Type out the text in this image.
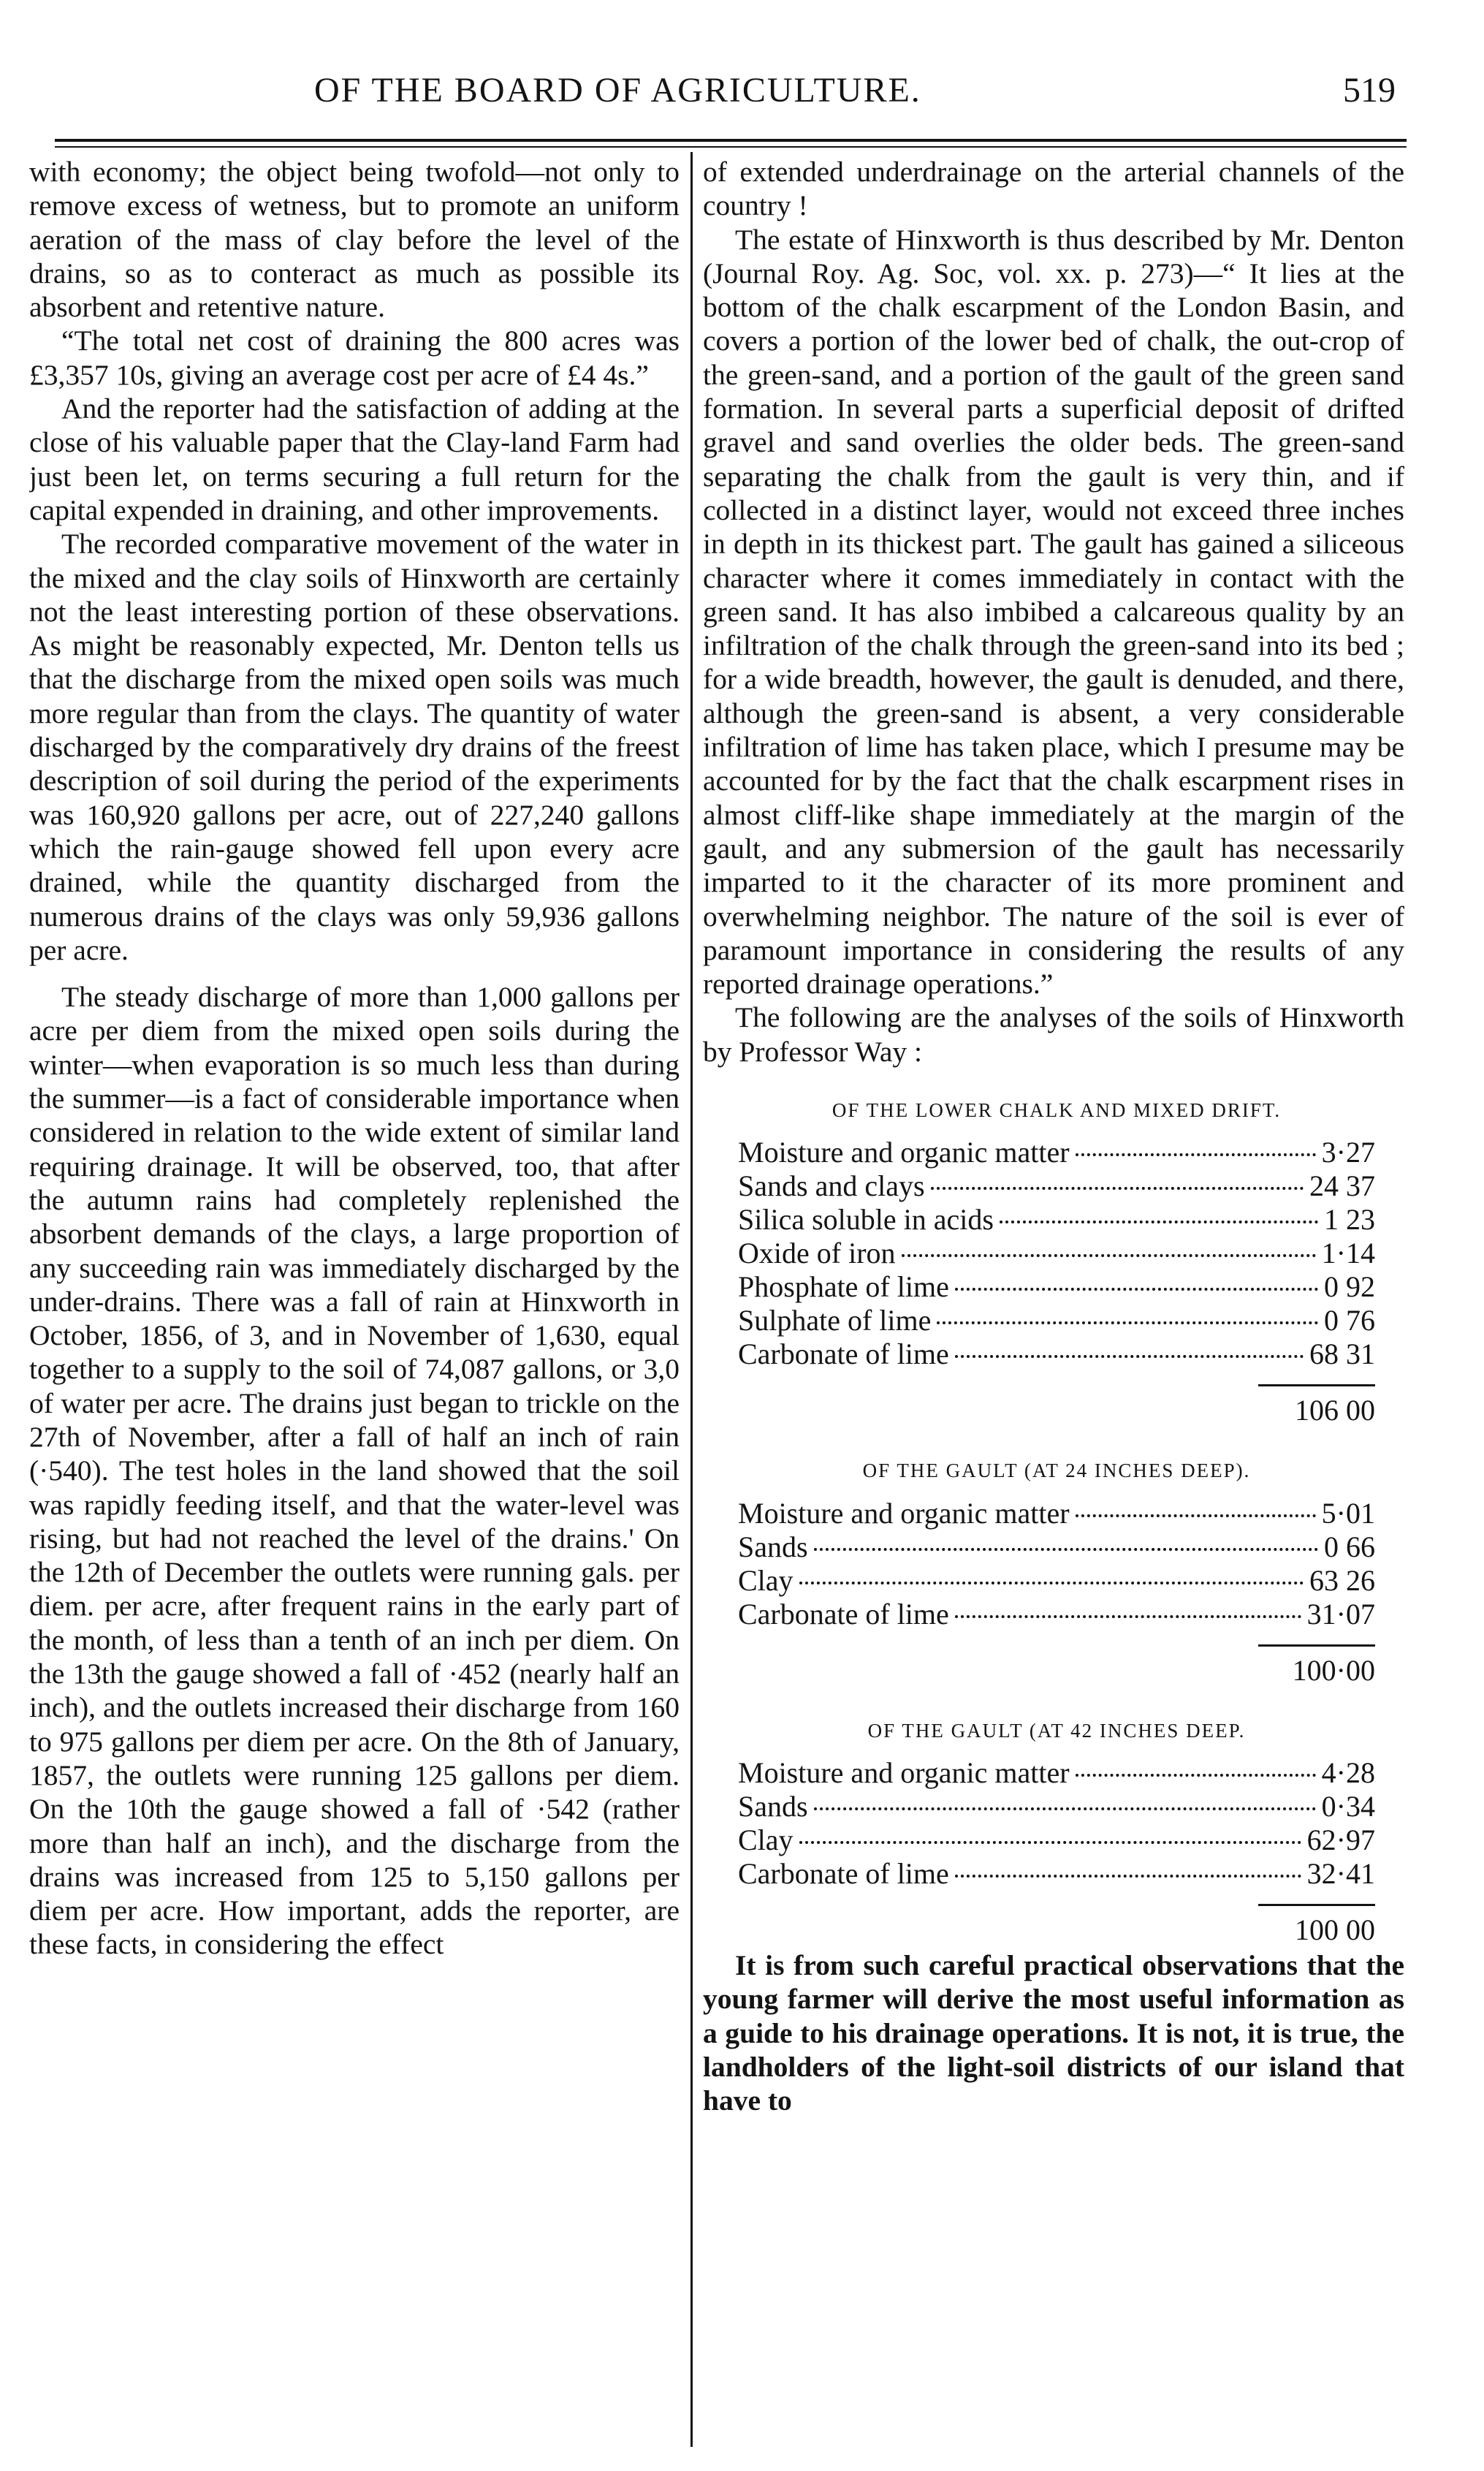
OF THE BOARD OF AGRICULTURE.	519

with economy; the object being twofold—not only to remove excess of wetness, but to promote an uniform aeration of the mass of clay before the level of the drains, so as to conteract as much as possible its absorbent and retentive nature.

“The total net cost of draining the 800 acres was £3,357 10s, giving an average cost per acre of £4 4s.”

And the reporter had the satisfaction of adding at the close of his valuable paper that the Clay-land Farm had just been let, on terms securing a full return for the capital expended in draining, and other improvements.

The recorded comparative movement of the water in the mixed and the clay soils of Hinxworth are certainly not the least interesting portion of these observations. As might be reasonably expected, Mr. Denton tells us that the discharge from the mixed open soils was much more regular than from the clays. The quantity of water discharged by the comparatively dry drains of the freest description of soil during the period of the experiments was 160,920 gallons per acre, out of 227,240 gallons which the rain-gauge showed fell upon every acre drained, while the quantity discharged from the numerous drains of the clays was only 59,936 gallons per acre.

The steady discharge of more than 1,000 gallons per acre per diem from the mixed open soils during the winter—when evaporation is so much less than during the summer—is a fact of considerable importance when considered in relation to the wide extent of similar land requiring drainage. It will be observed, too, that after the autumn rains had completely replenished the absorbent demands of the clays, a large proportion of any succeeding rain was immediately discharged by the under-drains. There was a fall of rain at Hinxworth in October, 1856, of 3, and in November of 1,630, equal together to a supply to the soil of 74,087 gallons, or 3,0 of water per acre. The drains just began to trickle on the 27th of November, after a fall of half an inch of rain (·540). The test holes in the land showed that the soil was rapidly feeding itself, and that the water-level was rising, but had not reached the level of the drains.' On the 12th of December the outlets were running gals. per diem. per acre, after frequent rains in the early part of the month, of less than a tenth of an inch per diem. On the 13th the gauge showed a fall of ·452 (nearly half an inch), and the outlets increased their discharge from 160 to 975 gallons per diem per acre. On the 8th of January, 1857, the outlets were running 125 gallons per diem. On the 10th the gauge showed a fall of ·542 (rather more than half an inch), and the discharge from the drains was increased from 125 to 5,150 gallons per diem per acre. How important, adds the reporter, are these facts, in considering the effect

of extended underdrainage on the arterial channels of the country !

The estate of Hinxworth is thus described by Mr. Denton (Journal Roy. Ag. Soc, vol. xx. p. 273)—“ It lies at the bottom of the chalk escarpment of the London Basin, and covers a portion of the lower bed of chalk, the out-crop of the green-sand, and a portion of the gault of the green sand formation. In several parts a superficial deposit of drifted gravel and sand overlies the older beds. The green-sand separating the chalk from the gault is very thin, and if collected in a distinct layer, would not exceed three inches in depth in its thickest part. The gault has gained a siliceous character where it comes immediately in contact with the green sand. It has also imbibed a calcareous quality by an infiltration of the chalk through the green-sand into its bed ; for a wide breadth, however, the gault is denuded, and there, although the green-sand is absent, a very considerable infiltration of lime has taken place, which I presume may be accounted for by the fact that the chalk escarpment rises in almost cliff-like shape immediately at the margin of the gault, and any submersion of the gault has necessarily imparted to it the character of its more prominent and overwhelming neighbor. The nature of the soil is ever of paramount importance in considering the results of any reported drainage operations.”

The following are the analyses of the soils of Hinxworth by Professor Way :

OF THE LOWER CHALK AND MIXED DRIFT.
Moisture and organic matter	3·27
Sands and clays	24 37
Silica soluble in acids	1 23
Oxide of iron	1·14
Phosphate of lime	0 92
Sulphate of lime	0 76
Carbonate of lime	68 31
106 00
OF THE GAULT (AT 24 INCHES DEEP).
Moisture and organic matter	5·01
Sands	0 66
Clay	63 26
Carbonate of lime	31·07
100·00
OF THE GAULT (AT 42 INCHES DEEP.
Moisture and organic matter	4·28
Sands	0·34
Clay	62·97
Carbonate of lime	32·41
100 00

It is from such careful practical observations that the young farmer will derive the most useful information as a guide to his drainage operations. It is not, it is true, the landholders of the light-soil districts of our island that have to
